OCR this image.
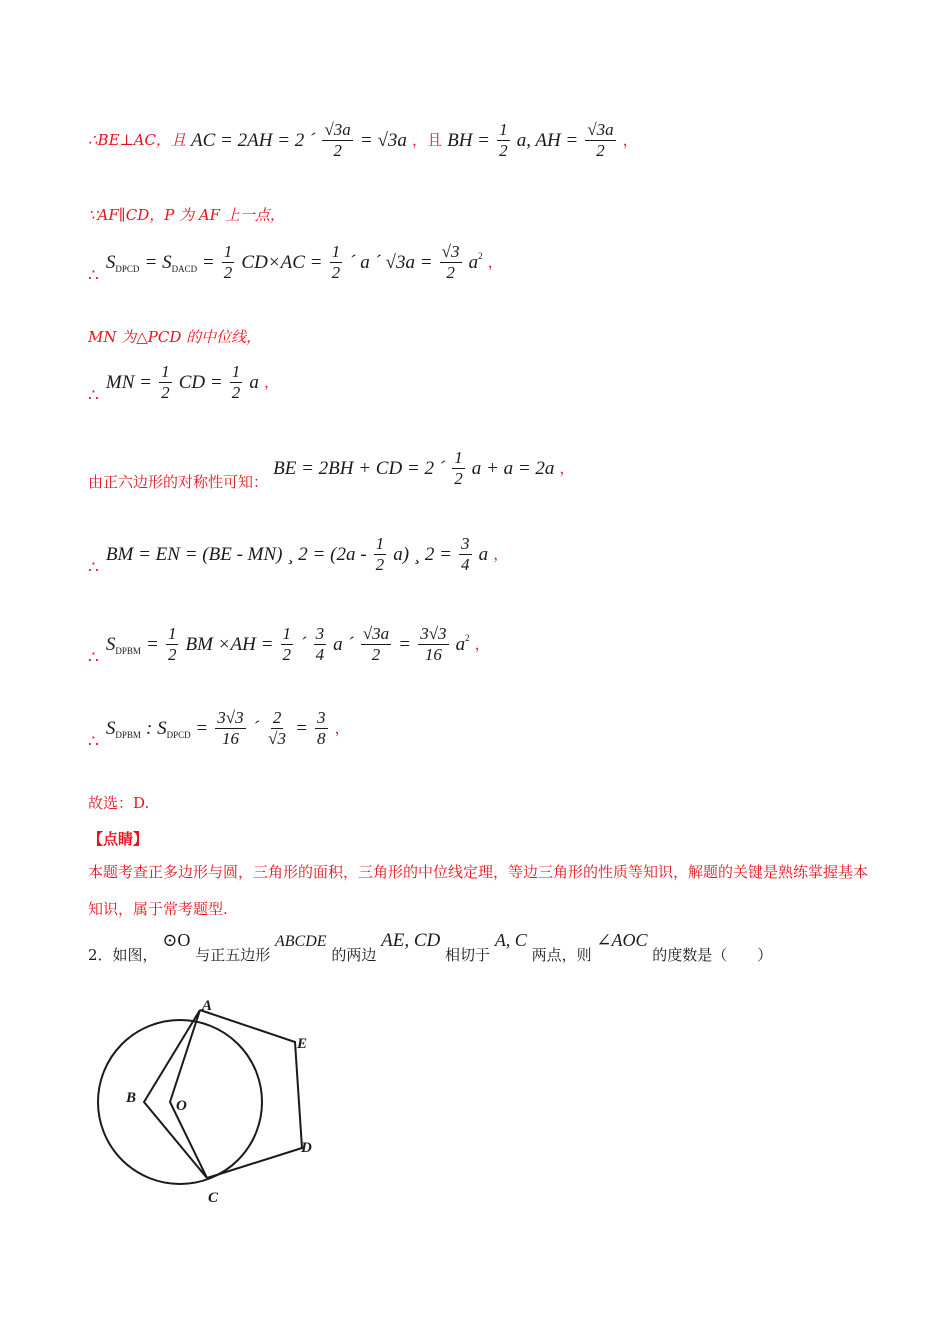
∴BE⊥AC，且 AC = 2AH = 2 ´ $\frac{√3a}{2} = √3a$ ，且 BH = $\frac{1}{2} a$, AH = $\frac{√3a}{2}$ ，
∵AF∥CD，P 为 AF 上一点，
∴ $S_{DPCD} = S_{DACD} = \frac{1}{2} CD\times AC = \frac{1}{2}$ ´ a ´ $√3a = \frac{√3}{2} a^2$ ，
MN 为△PCD 的中位线，
∴ MN = $\frac{1}{2}$ CD = $\frac{1}{2}$ a ，
由正六边形的对称性可知： BE = 2BH + CD = 2 ´ $\frac{1}{2}$ a + a = 2a ，
∴ BM = EN = (BE - MN) ¸ $2 = (2a - \frac{1}{2} a)$ ¸ $2 = \frac{3}{4}$ a ，
∴ $S_{DPBM} = \frac{1}{2}$ BM $\times AH = \frac{1}{2}$ ´ $\frac{3}{4}$ a ´ $\frac{√3a}{2} = \frac{3√3}{16} a^2$ ，
∴ $S_{DPBM}$ : $S_{DPCD} = \frac{3√3}{16}$ ´ $\frac{2}{√3} = \frac{3}{8}$ ，
故选：D.
【点睛】
本题考查正多边形与圆，三角形的面积，三角形的中位线定理，等边三角形的性质等知识，解题的关键是熟练掌握基本知识，属于常考题型.
2．如图， ⊙O 与正五边形 ABCDE 的两边 AE, CD 相切于 A, C 两点，则 ∠AOC 的度数是（　　）
A
B	O
E
D
C
